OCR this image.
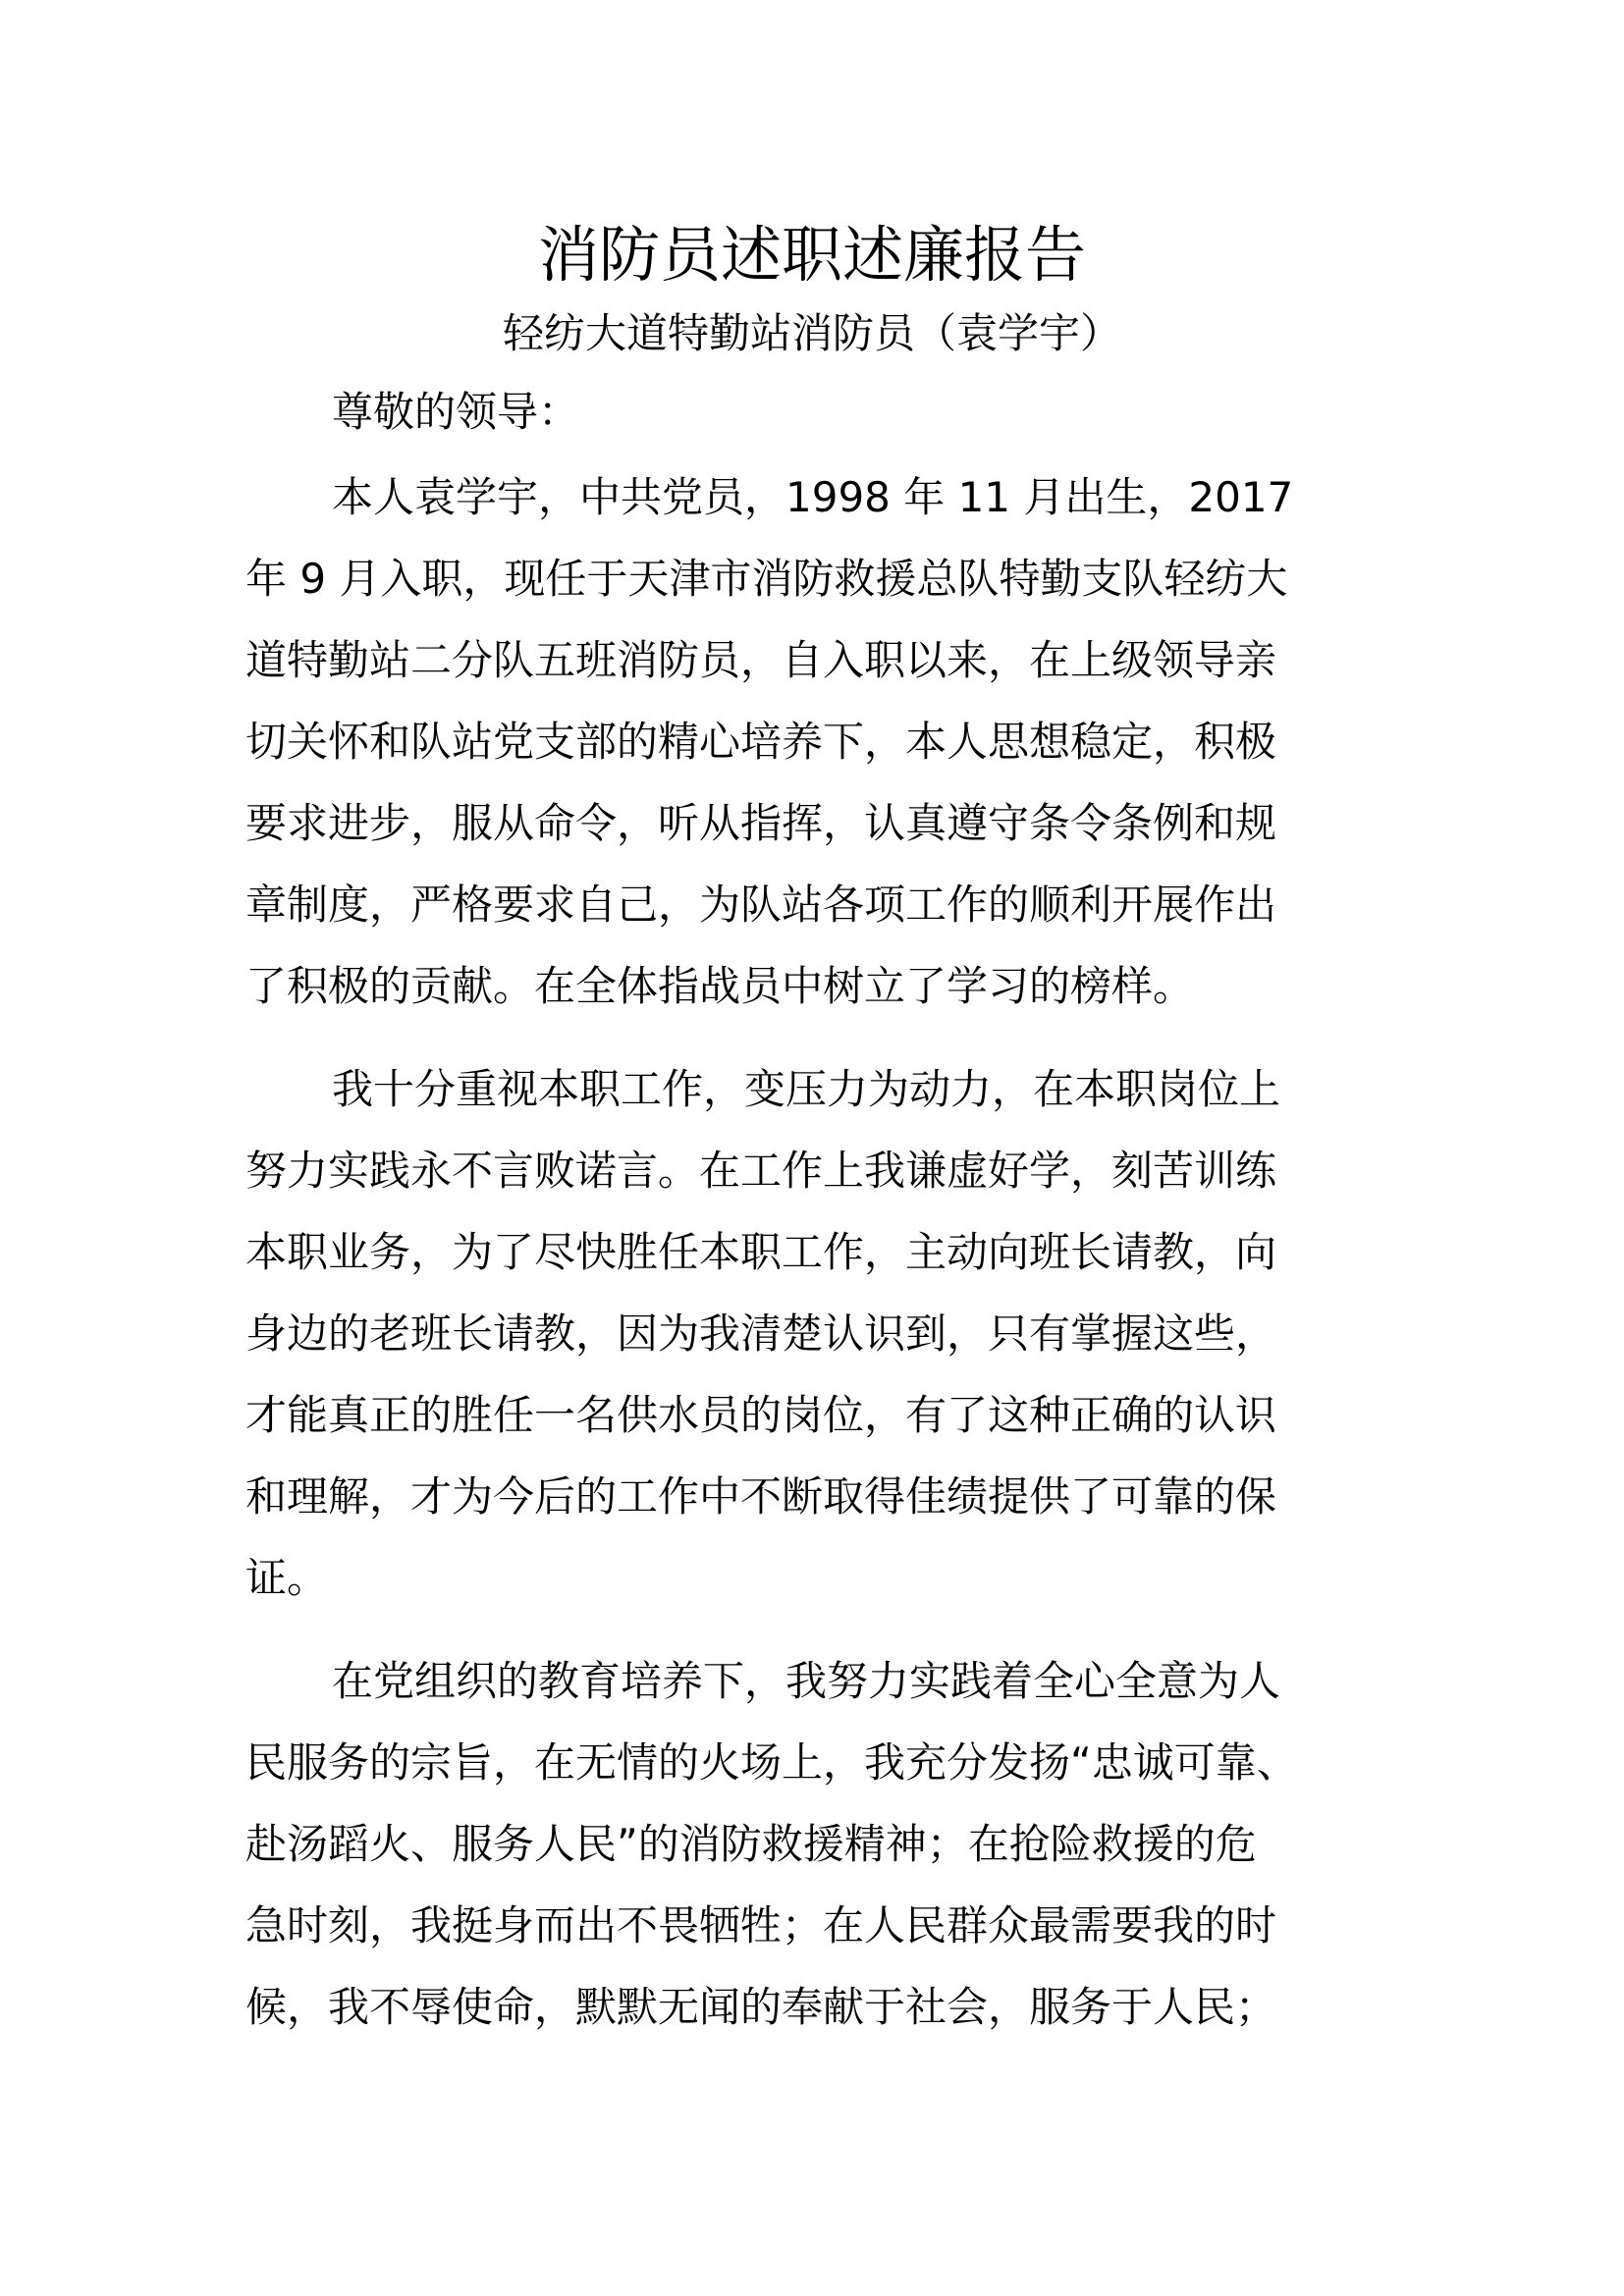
消防员述职述廉报告
轻纺大道特勤站消防员（袁学宇）
尊敬的领导：
本人袁学宇，中共党员，1998 年 11 月出生，2017
年 9 月入职，现任于天津市消防救援总队特勤支队轻纺大
道特勤站二分队五班消防员，自入职以来，在上级领导亲
切关怀和队站党支部的精心培养下，本人思想稳定，积极
要求进步，服从命令，听从指挥，认真遵守条令条例和规
章制度，严格要求自己，为队站各项工作的顺利开展作出
了积极的贡献。在全体指战员中树立了学习的榜样。
我十分重视本职工作，变压力为动力，在本职岗位上
努力实践永不言败诺言。在工作上我谦虚好学，刻苦训练
本职业务，为了尽快胜任本职工作，主动向班长请教，向
身边的老班长请教，因为我清楚认识到，只有掌握这些，
才能真正的胜任一名供水员的岗位，有了这种正确的认识
和理解，才为今后的工作中不断取得佳绩提供了可靠的保
证。
在党组织的教育培养下，我努力实践着全心全意为人
民服务的宗旨，在无情的火场上，我充分发扬“忠诚可靠、
赴汤蹈火、服务人民”的消防救援精神；在抢险救援的危
急时刻，我挺身而出不畏牺牲；在人民群众最需要我的时
候，我不辱使命，默默无闻的奉献于社会，服务于人民；
